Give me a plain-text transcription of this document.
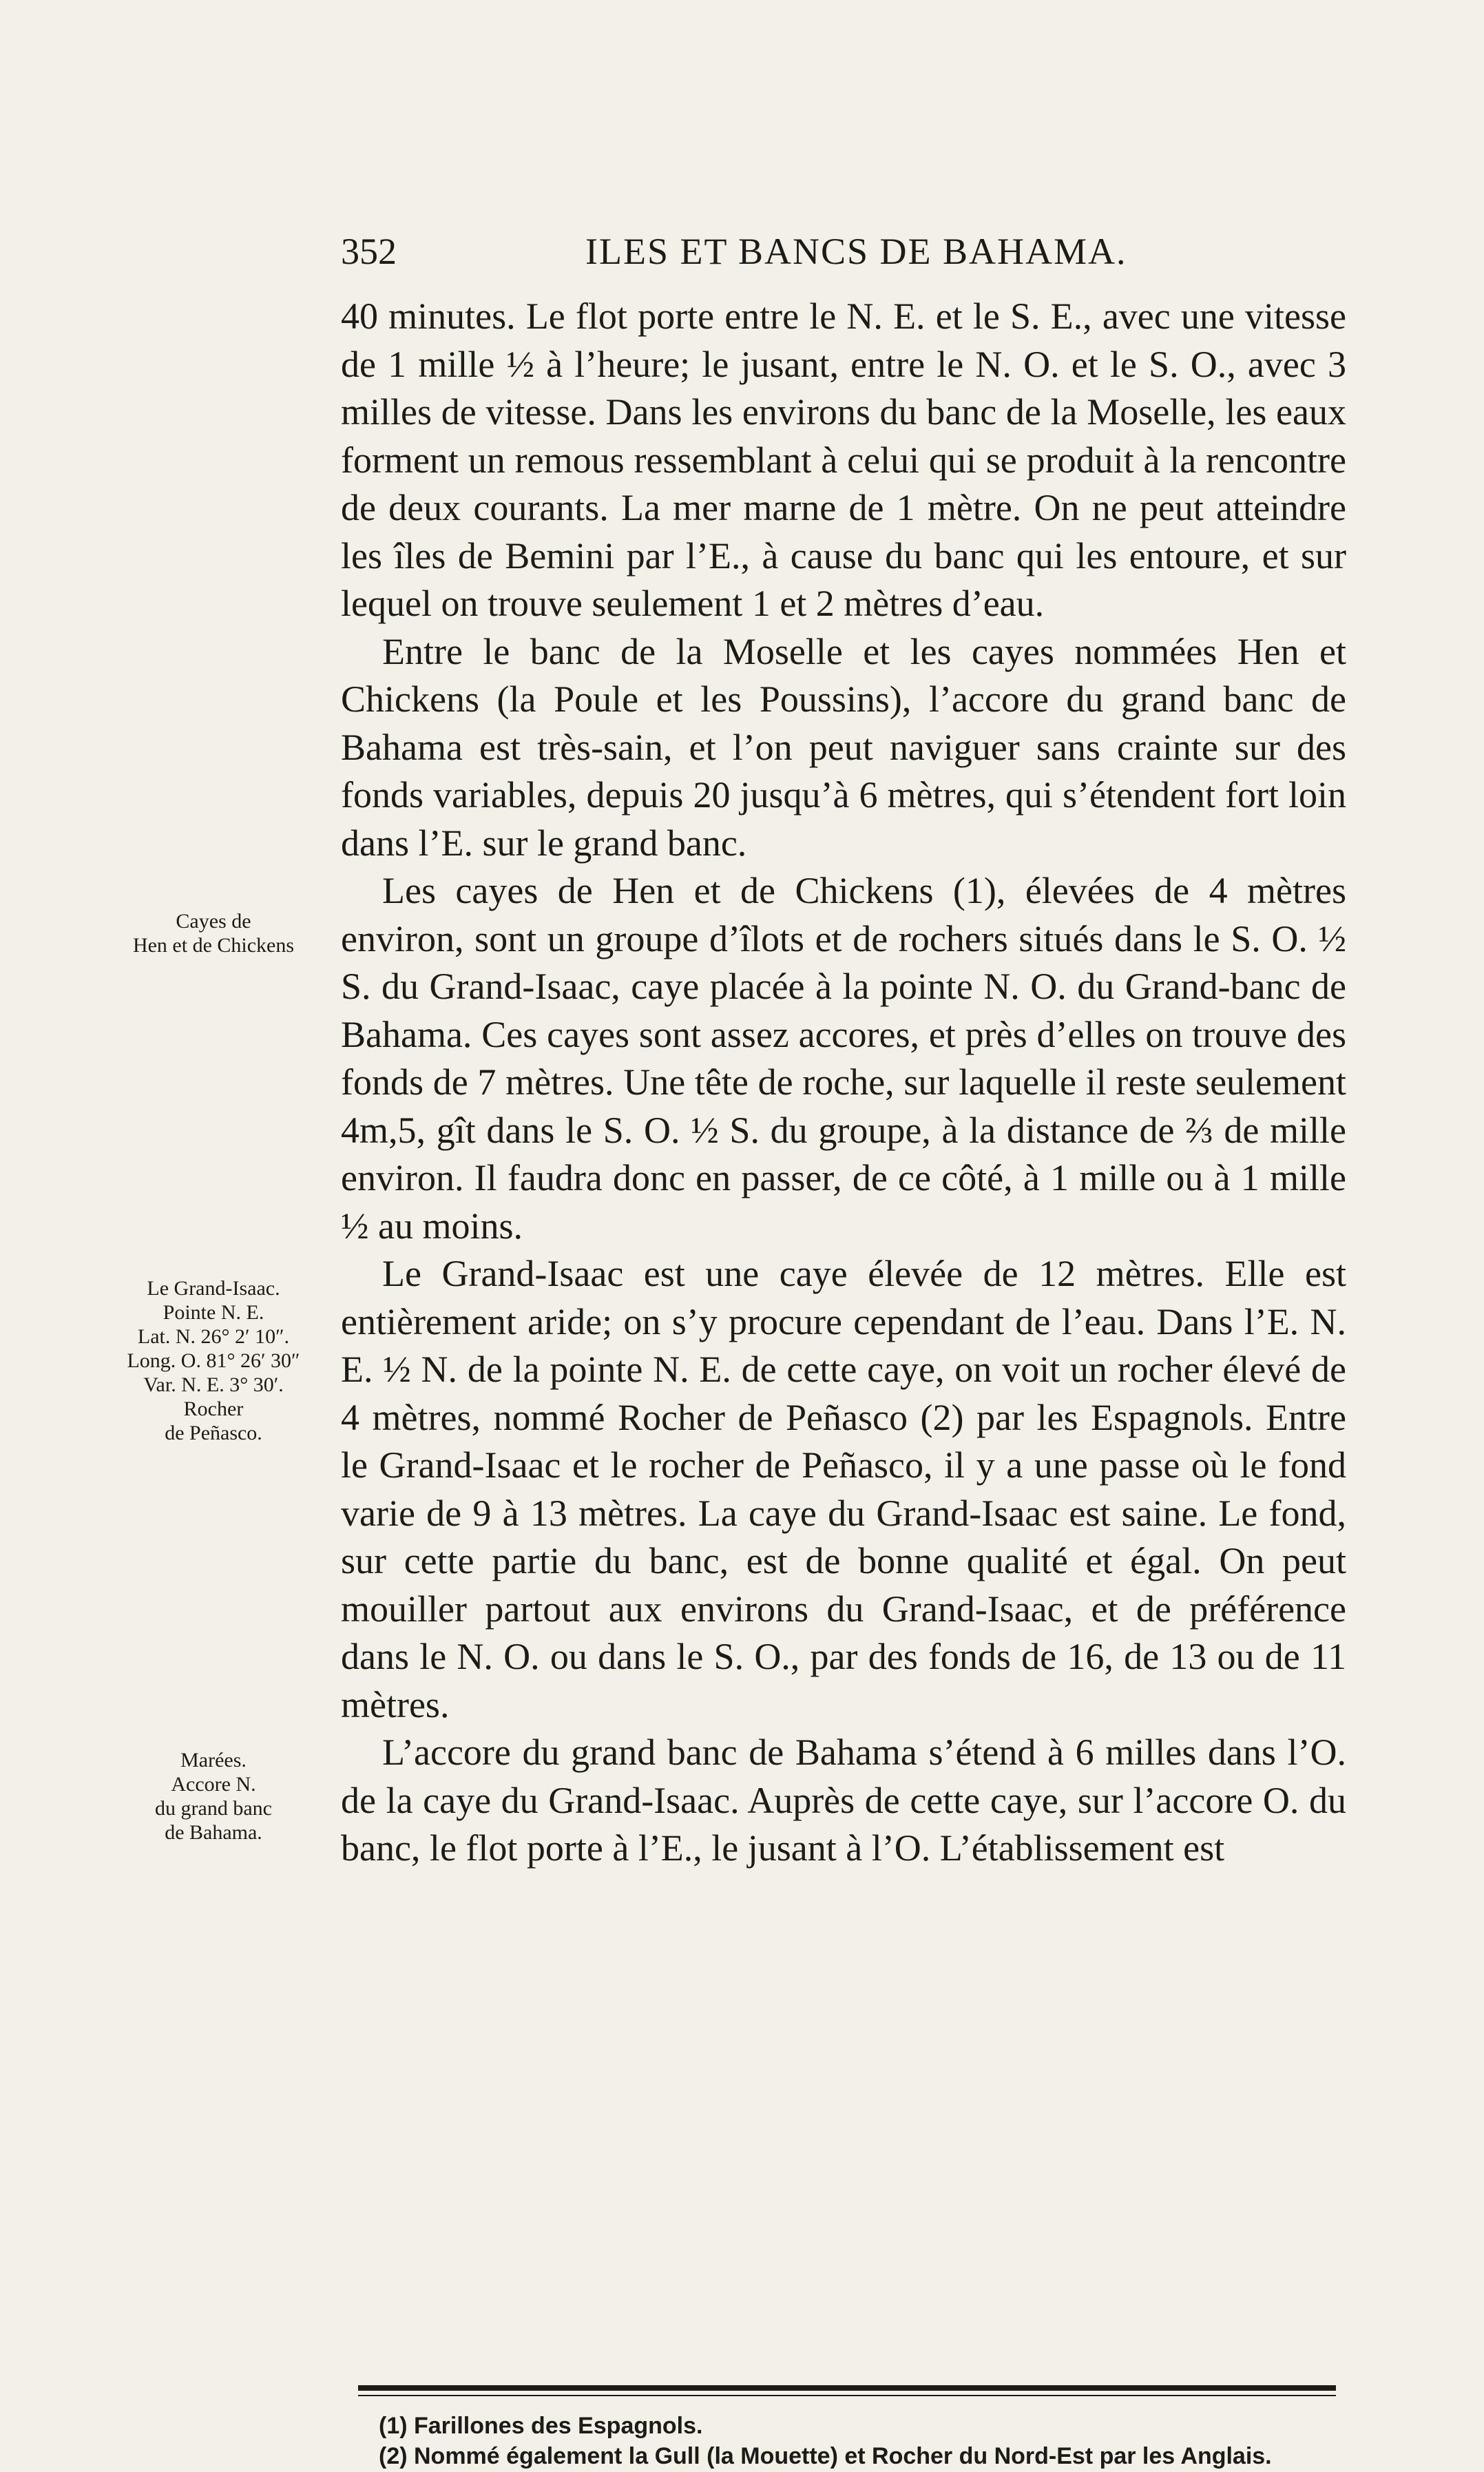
352	ILES ET BANCS DE BAHAMA.

40 minutes. Le flot porte entre le N. E. et le S. E., avec une vitesse de 1 mille ½ à l’heure; le jusant, entre le N. O. et le S. O., avec 3 milles de vitesse. Dans les environs du banc de la Moselle, les eaux forment un remous ressemblant à celui qui se produit à la rencontre de deux courants. La mer marne de 1 mètre. On ne peut atteindre les îles de Bemini par l’E., à cause du banc qui les entoure, et sur lequel on trouve seulement 1 et 2 mètres d’eau.

Entre le banc de la Moselle et les cayes nommées Hen et Chickens (la Poule et les Poussins), l’accore du grand banc de Bahama est très-sain, et l’on peut naviguer sans crainte sur des fonds variables, depuis 20 jusqu’à 6 mètres, qui s’étendent fort loin dans l’E. sur le grand banc.

Les cayes de Hen et de Chickens (1), élevées de 4 mètres environ, sont un groupe d’îlots et de rochers situés dans le S. O. ½ S. du Grand-Isaac, caye placée à la pointe N. O. du Grand-banc de Bahama. Ces cayes sont assez accores, et près d’elles on trouve des fonds de 7 mètres. Une tête de roche, sur laquelle il reste seulement 4m,5, gît dans le S. O. ½ S. du groupe, à la distance de ⅔ de mille environ. Il faudra donc en passer, de ce côté, à 1 mille ou à 1 mille ½ au moins.

Le Grand-Isaac est une caye élevée de 12 mètres. Elle est entièrement aride; on s’y procure cependant de l’eau. Dans l’E. N. E. ½ N. de la pointe N. E. de cette caye, on voit un rocher élevé de 4 mètres, nommé Rocher de Peñasco (2) par les Espagnols. Entre le Grand-Isaac et le rocher de Peñasco, il y a une passe où le fond varie de 9 à 13 mètres. La caye du Grand-Isaac est saine. Le fond, sur cette partie du banc, est de bonne qualité et égal. On peut mouiller partout aux environs du Grand-Isaac, et de préférence dans le N. O. ou dans le S. O., par des fonds de 16, de 13 ou de 11 mètres.

L’accore du grand banc de Bahama s’étend à 6 milles dans l’O. de la caye du Grand-Isaac. Auprès de cette caye, sur l’accore O. du banc, le flot porte à l’E., le jusant à l’O. L’établissement est

Cayes de
Hen et de Chickens
Le Grand-Isaac.
Pointe N. E.
Lat. N. 26° 2′ 10″.
Long. O. 81° 26′ 30″
Var. N. E. 3° 30′.
Rocher
de Peñasco.
Marées.
Accore N.
du grand banc
de Bahama.

(1) Farillones des Espagnols.

(2) Nommé également la Gull (la Mouette) et Rocher du Nord-Est par les Anglais.
